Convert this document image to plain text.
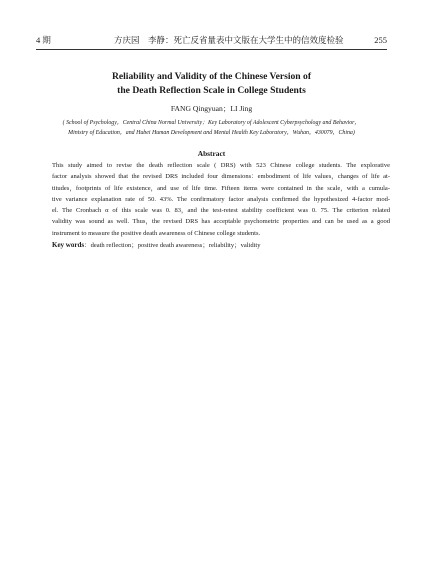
4 期	方庆园　李静：死亡反省量表中文版在大学生中的信效度检验	255
Reliability and Validity of the Chinese Version of
the Death Reflection Scale in College Students
FANG Qingyuan；LI Jing
( School of Psychology，Central China Normal University；Key Laboratory of Adolescent Cyberpsychology and Behavior，
Ministry of Education，and Hubei Human Development and Mental Health Key Laboratory，Wuhan，430079，China)
Abstract
This study aimed to revise the death reflection scale ( DRS) with 523 Chinese college students. The explorative
factor analysis showed that the revised DRS included four dimensions：embodiment of life values，changes of life at-
titudes，footprints of life existence，and use of life time. Fifteen items were contained in the scale，with a cumula-
tive variance explanation rate of 50. 43%. The confirmatory factor analysis confirmed the hypothesized 4-factor mod-
el. The Cronbach α of this scale was 0. 83，and the test-retest stability coefficient was 0. 75. The criterion related
validity was sound as well. Thus，the revised DRS has acceptable psychometric properties and can be used as a good
instrument to measure the positive death awareness of Chinese college students.
Key words：death reflection；positive death awareness；reliability；validity
